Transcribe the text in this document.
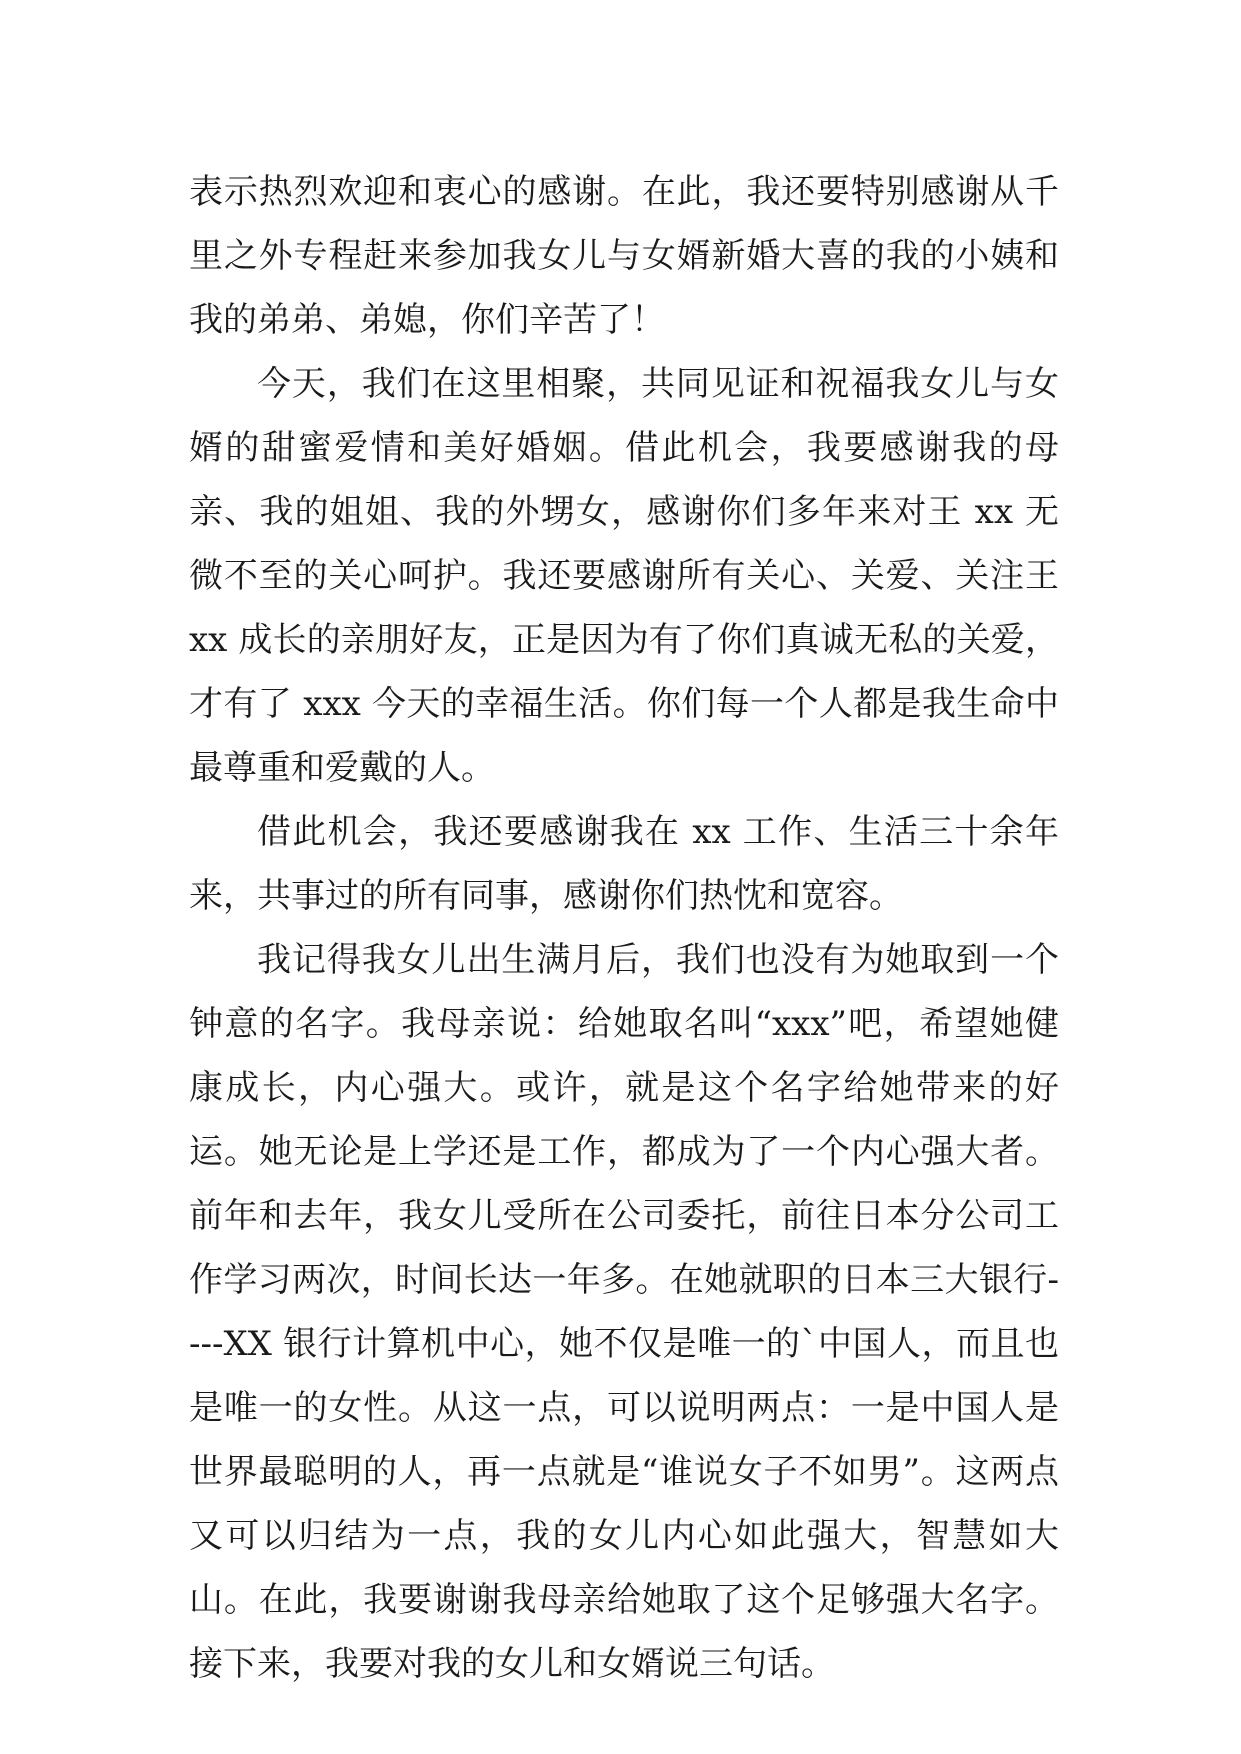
表示热烈欢迎和衷心的感谢。在此，我还要特别感谢从千里之外专程赶来参加我女儿与女婿新婚大喜的我的小姨和我的弟弟、弟媳，你们辛苦了！

今天，我们在这里相聚，共同见证和祝福我女儿与女婿的甜蜜爱情和美好婚姻。借此机会，我要感谢我的母亲、我的姐姐、我的外甥女，感谢你们多年来对王 xx 无微不至的关心呵护。我还要感谢所有关心、关爱、关注王 xx 成长的亲朋好友，正是因为有了你们真诚无私的关爱，才有了 xxx 今天的幸福生活。你们每一个人都是我生命中最尊重和爱戴的人。

借此机会，我还要感谢我在 xx 工作、生活三十余年来，共事过的所有同事，感谢你们热忱和宽容。

我记得我女儿出生满月后，我们也没有为她取到一个钟意的名字。我母亲说：给她取名叫“xxx”吧，希望她健康成长，内心强大。或许，就是这个名字给她带来的好运。她无论是上学还是工作，都成为了一个内心强大者。前年和去年，我女儿受所在公司委托，前往日本分公司工作学习两次，时间长达一年多。在她就职的日本三大银行----XX 银行计算机中心，她不仅是唯一的`中国人，而且也是唯一的女性。从这一点，可以说明两点：一是中国人是世界最聪明的人，再一点就是“谁说女子不如男”。这两点又可以归结为一点，我的女儿内心如此强大，智慧如大山。在此，我要谢谢我母亲给她取了这个足够强大名字。接下来，我要对我的女儿和女婿说三句话。
